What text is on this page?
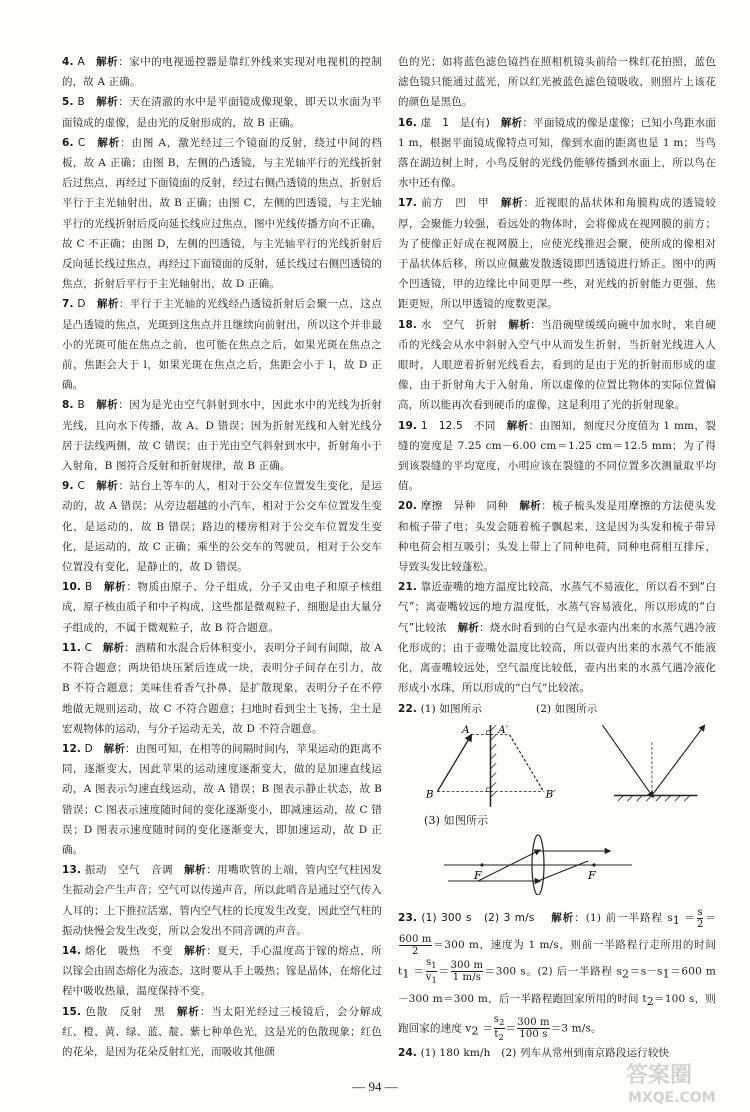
4. A　 解析：家中的电视遥控器是靠红外线来实现对电视机的控制的，故 A 正确。

5. B　 解析：天在清澈的水中是平面镜成像现象，即天以水面为平面镜成的虚像，是由光的反射形成的，故 B 正确。

6. C　 解析：由图 A，激光经过三个镜面的反射，绕过中间的档板，故 A 正确；由图 B，左侧的凸透镜，与主光轴平行的光线折射后过焦点，再经过下面镜面的反射，经过右侧凸透镜的焦点，折射后平行于主光轴射出，故 B 正确；由图 C，左侧的凹透镜，与主光轴平行的光线折射后反向延长线应过焦点，图中光线传播方向不正确，故 C 不正确；由图 D，左侧的凹透镜，与主光轴平行的光线折射后反向延长线过焦点，再经过下面镜面的反射，延长线过右侧凹透镜的焦点，折射后平行于主光轴射出，故 D 正确。

7. D　 解析：平行于主光轴的光线经凸透镜折射后会聚一点，这点是凸透镜的焦点，光斑到这焦点并且继续向前射出，所以这个并非最小的光斑可能在焦点之前，也可能在焦点之后，如果光斑在焦点之前，焦距会大于 l，如果光斑在焦点之后，焦距会小于 l，故 D 正确。

8. B　 解析：因为是光由空气斜射到水中，因此水中的光线为折射光线，且向水下传播，故 A、D 错误；因为折射光线和入射光线分居于法线两侧，故 C 错误；由于光由空气斜射到水中，折射角小于入射角，B 图符合反射和折射规律，故 B 正确。

9. C　 解析：站台上等车的人，相对于公交车位置发生变化，是运动的，故 A 错误；从旁边超越的小汽车，相对于公交车位置发生变化，是运动的，故 B 错误；路边的楼房相对于公交车位置发生变化，是运动的，故 C 正确；乘坐的公交车的驾驶员，相对于公交车位置没有变化，是静止的，故 D 错误。

10. B　 解析：物质由原子、分子组成，分子又由电子和原子核组成，原子核由质子和中子构成，这些都是微观粒子，细胞是由大量分子组成的，不属于微观粒子，故 B 符合题意。

11. C　 解析：酒精和水混合后体积变小，表明分子间有间隙，故 A 不符合题意；两块铅块压紧后连成一块，表明分子间存在引力，故 B 不符合题意；美味佳肴香气扑鼻，是扩散现象，表明分子在不停地做无规则运动，故 C 不符合题意；扫地时看到尘土飞扬，尘土是宏观物体的运动，与分子运动无关，故 D 不符合题意。

12. D　 解析：由图可知，在相等的间隔时间内，苹果运动的距离不同，逐渐变大，因此苹果的运动速度逐渐变大，做的是加速直线运动，A 图表示匀速直线运动，故 A 错误；B 图表示静止状态，故 B 错误；C 图表示速度随时间的变化逐渐变小，即减速运动，故 C 错误；D 图表示速度随时间的变化逐渐变大，即加速运动，故 D 正确。

13. 振动　空气　音调　 解析：用嘴吹管的上端，管内空气柱因发生振动会产生声音；空气可以传递声音，所以此哨音是通过空气传入人耳的；上下推拉活塞，管内空气柱的长度发生改变，因此空气柱的振动快慢会发生改变，所以会发出不同音调的声音。

14. 熔化　吸热　不变　 解析：夏天，手心温度高于镓的熔点，所以镓会由固态熔化为液态，这时要从手上吸热；镓是晶体，在熔化过程中吸收热量，温度保持不变。

15. 色散　反射　黑　 解析：当太阳光经过三棱镜后，会分解成红、橙、黄、绿、蓝、靛、紫七种单色光，这是光的色散现象；红色的花朵，是因为花朵反射红光，而吸收其他颜

色的光；如将蓝色滤色镜挡在照相机镜头前给一株红花拍照，蓝色滤色镜只能通过蓝光，所以红光被蓝色滤色镜吸收，则照片上该花的颜色是黑色。

16. 虚　1　是(有)　 解析：平面镜成的像是虚像；已知小鸟距水面 1 m，根据平面镜成像特点可知，像到水面的距离也是 1 m；当鸟落在湖边树上时，小鸟反射的光线仍能够传播到水面上，所以鸟在水中还有像。

17. 前方　凹　甲　 解析：近视眼的晶状体和角膜构成的透镜较厚，会聚能力较强，看远处的物体时，会将像成在视网膜的前方；为了使像正好成在视网膜上，应使光线推迟会聚，使所成的像相对于晶状体后移，所以应佩戴发散透镜即凹透镜进行矫正。图中的两个凹透镜，甲的边缘比中间更厚一些，对光线的折射能力更强，焦距更短，所以甲透镜的度数更深。

18. 水　空气　折射　 解析：当沿碗壁缓缓向碗中加水时，来自硬币的光线会从水中斜射入空气中从而发生折射，当折射光线进入人眼时，人眼逆着折射光线看去，看到的是由于光的折射而形成的虚像，由于折射角大于入射角，所以虚像的位置比物体的实际位置偏高，所以能再次看到硬币的虚像，这是利用了光的折射现象。

19. 1　12.5　不同　 解析：由图知，刻度尺分度值为 1 mm，裂缝的宽度是 7.25 cm－6.00 cm＝1.25 cm＝12.5 mm；为了得到该裂缝的平均宽度，小明应该在裂缝的不同位置多次测量取平均值。

20. 摩擦　异种　同种　 解析：梳子梳头发是用摩擦的方法使头发和梳子带了电；头发会随着梳子飘起来，这是因为头发和梳子带异种电荷会相互吸引；头发上带上了同种电荷，同种电荷相互排斥，导致头发比较蓬松。

21. 靠近壶嘴的地方温度比较高，水蒸气不易液化，所以看不到“白气”；离壶嘴较远的地方温度低，水蒸气容易液化，所以形成的“白气”比较浓　 解析：烧水时看到的白气是水壶内出来的水蒸气遇冷液化形成的；由于壶嘴处温度比较高，所以壶内出来的水蒸气不能液化，离壶嘴较远处，空气温度比较低，壶内出来的水蒸气遇冷液化形成小水珠，所以形成的“白气”比较浓。

22. (1) 如图所示	(2) 如图所示

A	A′
B	B′
(3) 如图所示
F	F

23. (1) 300 s　(2) 3 m/s　 解析：(1) 前一半路程 $s_1 = \frac{s}{2}$ ＝
$\frac{600 m}{2} =300$ m，速度为 1 m/s，则前一半路程行走所用的时间 $t_1 = \frac{s_1}{v_1} = \frac{300 m}{1 m/s} =300$ s。(2) 后一半路程 $s_2=s-s_1=600$ m－300 m＝300 m，后一半路程跑回家所用的时间 $t_2=100$ s，则跑回家的速度 $v_2 = \frac{s_2}{t_2} = \frac{300 m}{100 s} =3$ m/s。

24. (1) 180 km/h　(2) 列车从常州到南京路段运行较快

— 94 —	答案圈
MXQE.COM
